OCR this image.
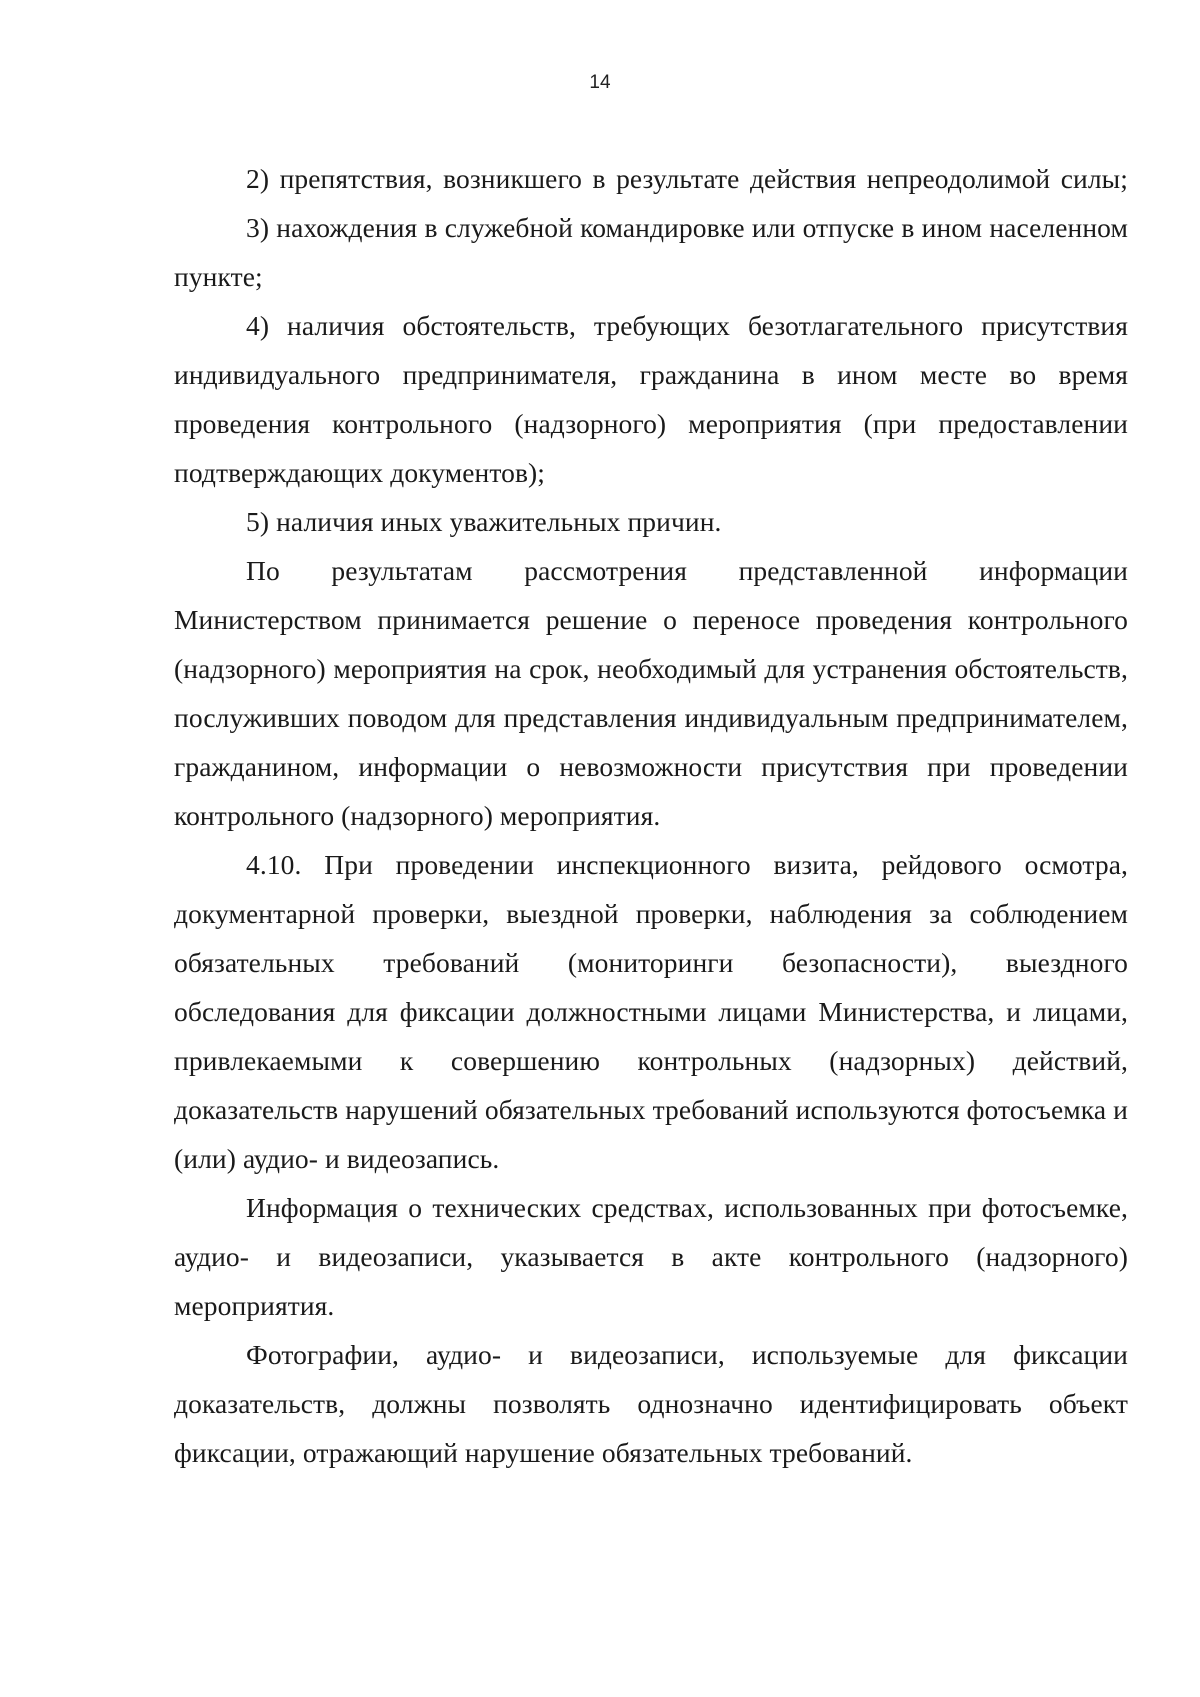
14

2) препятствия, возникшего в результате действия непреодолимой силы;

3) нахождения в служебной командировке или отпуске в ином населенном пункте;

4) наличия обстоятельств, требующих безотлагательного присутствия индивидуального предпринимателя, гражданина в ином месте во время проведения контрольного (надзорного) мероприятия (при предоставлении подтверждающих документов);

5) наличия иных уважительных причин.

По результатам рассмотрения представленной информации Министерством принимается решение о переносе проведения контрольного (надзорного) мероприятия на срок, необходимый для устранения обстоятельств, послуживших поводом для представления индивидуальным предпринимателем, гражданином, информации о невозможности присутствия при проведении контрольного (надзорного) мероприятия.

4.10. При проведении инспекционного визита, рейдового осмотра, документарной проверки, выездной проверки, наблюдения за соблюдением обязательных требований (мониторинги безопасности), выездного обследования для фиксации должностными лицами Министерства, и лицами, привлекаемыми к совершению контрольных (надзорных) действий, доказательств нарушений обязательных требований используются фотосъемка и (или) аудио- и видеозапись.

Информация о технических средствах, использованных при фотосъемке, аудио- и видеозаписи, указывается в акте контрольного (надзорного) мероприятия.

Фотографии, аудио- и видеозаписи, используемые для фиксации доказательств, должны позволять однозначно идентифицировать объект фиксации, отражающий нарушение обязательных требований.
